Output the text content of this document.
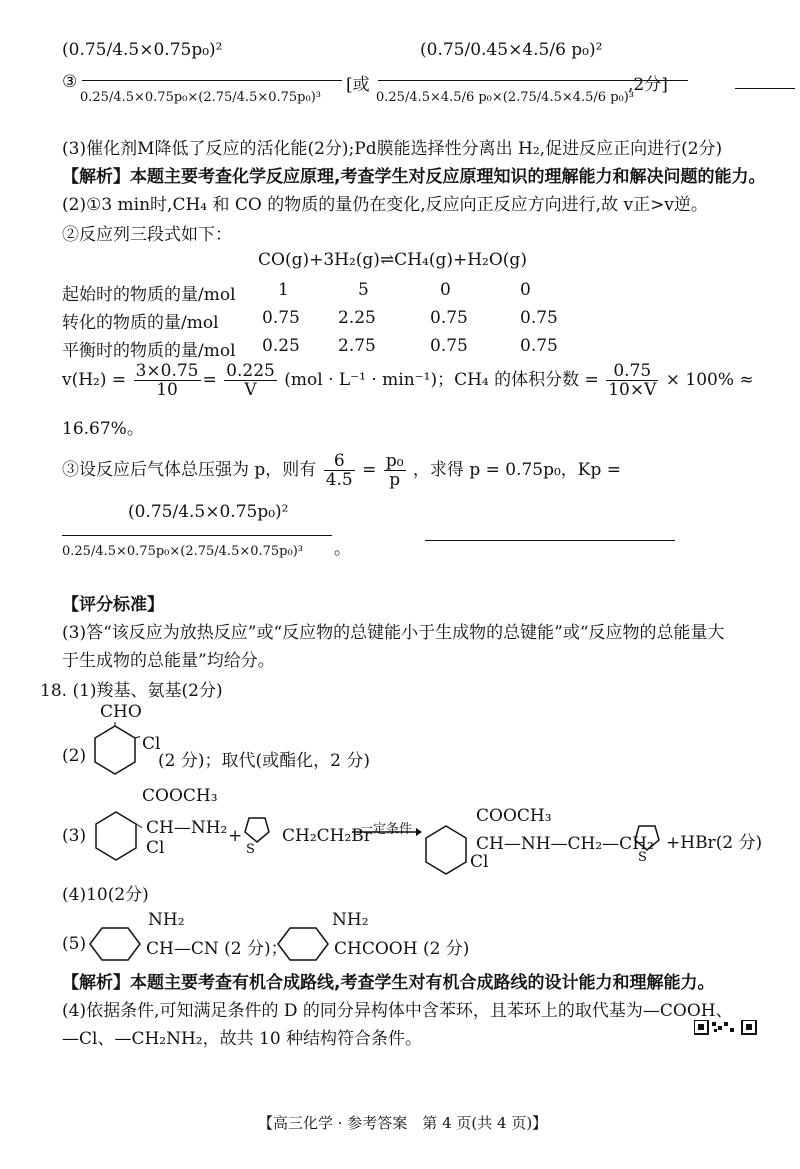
(0.75/4.5×0.75p₀)²
③
0.25/4.5×0.75p₀×(2.75/4.5×0.75p₀)³
[或
(0.75/0.45×4.5/6 p₀)²
0.25/4.5×4.5/6 p₀×(2.75/4.5×4.5/6 p₀)³
,2分]
(3)催化剂M降低了反应的活化能(2分);Pd膜能选择性分离出 H₂,促进反应正向进行(2分)
【解析】本题主要考查化学反应原理,考查学生对反应原理知识的理解能力和解决问题的能力。
(2)①3 min时,CH₄ 和 CO 的物质的量仍在变化,反应向正反应方向进行,故 v正>v逆。
②反应列三段式如下：
CO(g)+3H₂(g)⇌CH₄(g)+H₂O(g)
起始时的物质的量/mol 1	5	0	0
转化的物质的量/mol	0.75 2.25	0.75	0.75
平衡时的物质的量/mol 0.25 2.75	0.75	0.75
$v(H_2) = \frac{3\times 0.75}{10} = \frac{0.225}{V} (mol \cdot L^{-1} \cdot \min^{-1})$；CH₄ 的体积分数 = $\frac{0.75}{10\times V} \times 100\%$ ≈
16.67%。
③设反应后气体总压强为 p，则有 $\frac{6}{4.5} = \frac{\text{p₀}}{p}$ ，求得 p = 0.75p₀，Kp =
(0.75/4.5×0.75p₀)²
0.25/4.5×0.75p₀×(2.75/4.5×0.75p₀)³ 。
【评分标准】
(3)答“该反应为放热反应”或“反应物的总键能小于生成物的总键能”或“反应物的总能量大
于生成物的总能量”均给分。
18. (1)羧基、氨基(2分)
CHO
(2)
Cl
(2 分)；取代(或酯化，2 分)
COOCH₃
(3)	CH—NH₂
Cl
+
S
CH₂CH₂Br
一定条件
COOCH₃
CH—NH—CH₂—CH₂
Cl	S
+HBr(2 分)
(4)10(2分)
NH₂
(5)	CH—CN (2 分)；
NH₂
CHCOOH (2 分)
【解析】本题主要考查有机合成路线,考查学生对有机合成路线的设计能力和理解能力。
(4)依据条件,可知满足条件的 D 的同分异构体中含苯环，且苯环上的取代基为—COOH、
—Cl、—CH₂NH₂，故共 10 种结构符合条件。
【高三化学 · 参考答案　第 4 页(共 4 页)】
